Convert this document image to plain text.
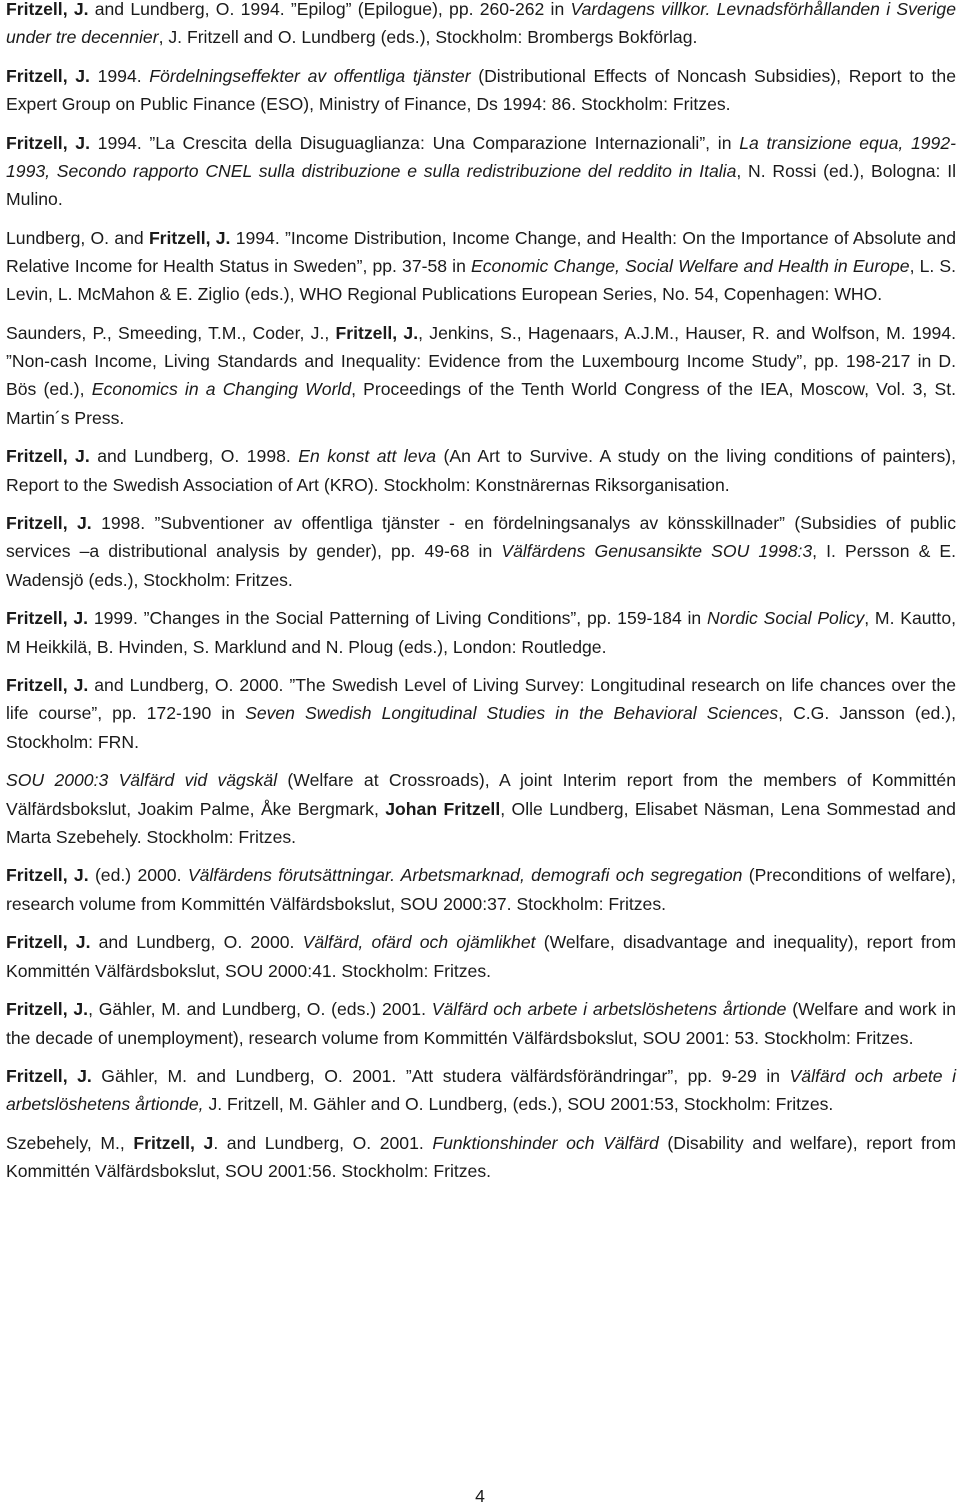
Fritzell, J. and Lundberg, O. 1994. ”Epilog” (Epilogue), pp. 260-262 in Vardagens villkor. Levnadsförhållanden i Sverige under tre decennier, J. Fritzell and O. Lundberg (eds.), Stockholm: Brombergs Bokförlag.

Fritzell, J. 1994. Fördelningseffekter av offentliga tjänster (Distributional Effects of Noncash Subsidies), Report to the Expert Group on Public Finance (ESO), Ministry of Finance, Ds 1994: 86. Stockholm: Fritzes.

Fritzell, J. 1994. ”La Crescita della Disuguaglianza: Una Comparazione Internazionali”, in La transizione equa, 1992-1993, Secondo rapporto CNEL sulla distribuzione e sulla redistribuzione del reddito in Italia, N. Rossi (ed.), Bologna: Il Mulino.

Lundberg, O. and Fritzell, J. 1994. ”Income Distribution, Income Change, and Health: On the Importance of Absolute and Relative Income for Health Status in Sweden”, pp. 37-58 in Economic Change, Social Welfare and Health in Europe, L. S. Levin, L. McMahon & E. Ziglio (eds.), WHO Regional Publications European Series, No. 54, Copenhagen: WHO.

Saunders, P., Smeeding, T.M., Coder, J., Fritzell, J., Jenkins, S., Hagenaars, A.J.M., Hauser, R. and Wolfson, M. 1994. ”Non-cash Income, Living Standards and Inequality: Evidence from the Luxembourg Income Study”, pp. 198-217 in D. Bös (ed.), Economics in a Changing World, Proceedings of the Tenth World Congress of the IEA, Moscow, Vol. 3, St. Martin´s Press.

Fritzell, J. and Lundberg, O. 1998. En konst att leva (An Art to Survive. A study on the living conditions of painters), Report to the Swedish Association of Art (KRO). Stockholm: Konstnärernas Riksorganisation.

Fritzell, J. 1998. ”Subventioner av offentliga tjänster - en fördelningsanalys av könsskillnader” (Subsidies of public services –a distributional analysis by gender), pp. 49-68 in Välfärdens Genusansikte SOU 1998:3, I. Persson & E. Wadensjö (eds.), Stockholm: Fritzes.

Fritzell, J. 1999. ”Changes in the Social Patterning of Living Conditions”, pp. 159-184 in Nordic Social Policy, M. Kautto, M Heikkilä, B. Hvinden, S. Marklund and N. Ploug (eds.), London: Routledge.

Fritzell, J. and Lundberg, O. 2000. ”The Swedish Level of Living Survey: Longitudinal research on life chances over the life course”, pp. 172-190 in Seven Swedish Longitudinal Studies in the Behavioral Sciences, C.G. Jansson (ed.), Stockholm: FRN.

SOU 2000:3 Välfärd vid vägskäl (Welfare at Crossroads), A joint Interim report from the members of Kommittén Välfärdsbokslut, Joakim Palme, Åke Bergmark, Johan Fritzell, Olle Lundberg, Elisabet Näsman, Lena Sommestad and Marta Szebehely. Stockholm: Fritzes.

Fritzell, J. (ed.) 2000. Välfärdens förutsättningar. Arbetsmarknad, demografi och segregation (Preconditions of welfare), research volume from Kommittén Välfärdsbokslut, SOU 2000:37. Stockholm: Fritzes.

Fritzell, J. and Lundberg, O. 2000. Välfärd, ofärd och ojämlikhet (Welfare, disadvantage and inequality), report from Kommittén Välfärdsbokslut, SOU 2000:41. Stockholm: Fritzes.

Fritzell, J., Gähler, M. and Lundberg, O. (eds.) 2001. Välfärd och arbete i arbetslöshetens årtionde (Welfare and work in the decade of unemployment), research volume from Kommittén Välfärdsbokslut, SOU 2001: 53. Stockholm: Fritzes.

Fritzell, J. Gähler, M. and Lundberg, O. 2001. ”Att studera välfärdsförändringar”, pp. 9-29 in Välfärd och arbete i arbetslöshetens årtionde, J. Fritzell, M. Gähler and O. Lundberg, (eds.), SOU 2001:53, Stockholm: Fritzes.

Szebehely, M., Fritzell, J. and Lundberg, O. 2001. Funktionshinder och Välfärd (Disability and welfare), report from Kommittén Välfärdsbokslut, SOU 2001:56. Stockholm: Fritzes.

4
